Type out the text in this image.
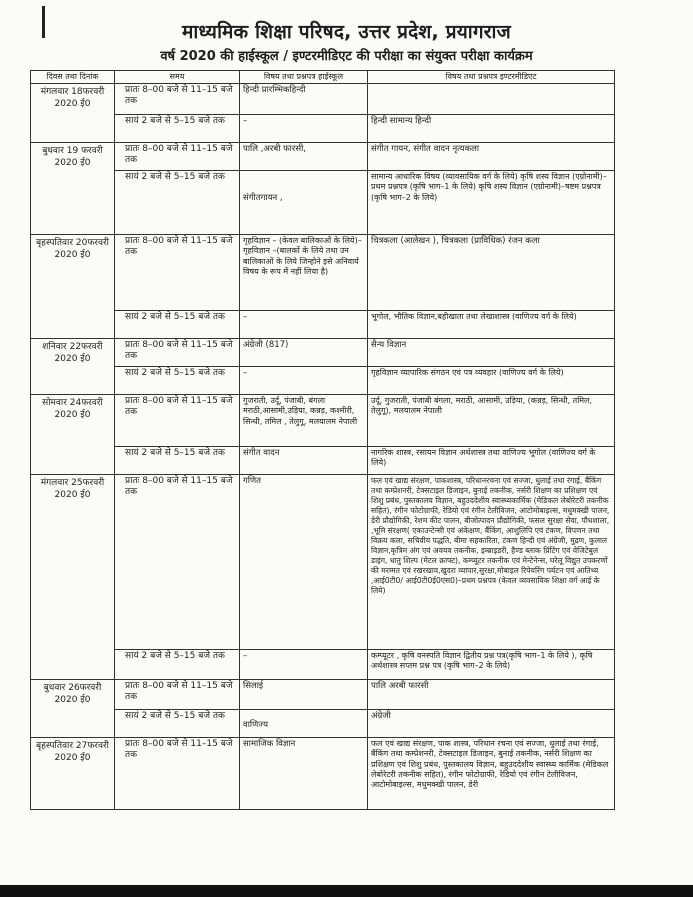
माध्यमिक शिक्षा परिषद, उत्तर प्रदेश, प्रयागराज
वर्ष 2020 की हाईस्कूल / इण्टरमीडिएट की परीक्षा का संयुक्त परीक्षा कार्यक्रम
दिवस तथा दिनांक	समय	विषय तथा प्रश्नपत्र हाईस्कूल	विषय तथा प्रश्नपत्र इण्टरमीडिएट
मंगलवार 18फरवरी 2020 ई0	प्रातः 8–00 बजे से 11–15 बजे तक	हिन्दी प्रारम्भिकहिन्दी	
	सायं 2 बजे से 5–15 बजे तक	–	हिन्दी सामान्य हिन्दी
बुधवार 19 फरवरी 2020 ई0	प्रातः 8–00 बजे से 11–15 बजे तक	पालि ,अरबी फारसी,	संगीत गायन, संगीत वादन नृत्यकला
	सायं 2 बजे से 5–15 बजे तक	संगीतगायन ,	सामान्य आधारिक विषय (व्यावसायिक वर्ग के लिये) कृषि शस्य विज्ञान (एग्रोनामी)–प्रथम प्रश्नपत्र (कृषि भाग–1 के लिये) कृषि शस्य विज्ञान (एग्रोनामी)–षष्टम प्रश्नपत्र (कृषि भाग–2 के लिये)
बृहस्पतिवार 20फरवरी 2020 ई0	प्रातः 8–00 बजे से 11–15 बजे तक	गृहविज्ञान – (केवल बालिकाओं के लिये)– गृहविज्ञान –(बालकों के लिये तथा उन बालिकाओं के लिये जिन्होने इसे अनिवार्य विषय के रूप में नहीं लिया है)	चित्रकला (आलेखन ), चित्रकला (प्राविधिक) रंजन कला
	सायं 2 बजे से 5–15 बजे तक	–	भूगोल, भौतिक विज्ञान,बहीखाता तथा लेखाशास्त्र (वाणिज्य वर्ग के लिये)
शनिवार 22फरवरी 2020 ई0	प्रातः 8–00 बजे से 11–15 बजे तक	अंग्रेजी (817)	सैन्य विज्ञान
	सायं 2 बजे से 5–15 बजे तक	–	गृहविज्ञान व्यापारिक संगठन एवं पत्र व्यवहार (वाणिज्य वर्ग के लिये)
सोमवार 24फरवरी 2020 ई0	प्रातः 8–00 बजे से 11–15 बजे तक	गुजराती, उर्दू, पंजाबी, बंगला मराठी,आसामी,उड़िया, कन्नड़, कश्मीरी, सिन्धी, तमिल , तेलुगू, मलयालम नेपाली	उर्दू, गुजराती, पंजाबी बंगला, मराठी, आसामी, उड़िया, (कन्नड़, सिन्धी, तमिल, तेलुगू), मलयालम नेपाली
	सायं 2 बजे से 5–15 बजे तक	संगीत वादन	नागरिक शास्त्र, रसायन विज्ञान अर्थशास्त्र तथा वाणिज्य भूगोल (वाणिज्य वर्ग के लिये)
मंगलवार 25फरवरी 2020 ई0	प्रातः 8–00 बजे से 11–15 बजे तक	गणित	फल एवं खाद्य संरक्षण, पाकशास्त्र, परिधानरचना एवं सज्जा, धुलाई तथा रंगाई, बैंकिंग तथा कम्प्रेशनरी, टेक्सटाइल डिजाइन, बुनाई तकनीक, नर्सरी शिक्षण का प्रशिक्षण एवं शिशु प्रबंध, पुस्तकालय विज्ञान, बहुउददेशीय स्वास्थ्यकार्मिक (मेडिकल लेबोरेटरी तकनीक सहित), रंगीन फोटोग्राफी, रेडियो एवं रंगीन टेलीविजन, आटोमोबाइल्स, मधुमक्खी पालन, डेरी प्रौद्योगिकी, रेशम कीट पालन, बीजोत्पादन प्रौद्योगिकी, फसल सुरक्षा सेवा, पौधशाला, ,भूमि संरक्षण( एकाउन्टेन्सी एवं अंकेक्षण, बैंकिंग, आशुलिपि एवं टंकण, विपणन तथा विक्रय कला, सचिवीय पद्धति, बीमा सहकारिता, टंकण हिन्दी एवं अंग्रेजी, मुद्रण, कुलाल विज्ञान,कृत्रिम अंग एवं अवयव तकनीक, इम्ब्राइडरी, हैण्ड ब्लाक प्रिंटिंग एवं वेजिटेबुल डाइंग, धातु शिल्प (मेटल क्राफ्ट), कम्प्यूटर तकनीक एवं मेन्टेनेन्स, घरेलू विद्युत उपकरणों की मरम्मत एवं रखरखाव,खुदरा व्यापार,सुरक्षा,मोबाइल रिपेयरिंग पर्यटन एवं आतिथ्य ,आई0टी0/ आई0टी0ई0एस0)–प्रथम प्रश्नपत्र (केवल व्यवसायिक शिक्षा वर्ग आई के लिये)
	सायं 2 बजे से 5–15 बजे तक	–	कम्प्यूटर , कृषि वनस्पति विज्ञान द्वितीय प्रश्न पत्र(कृषि भाग–1 के लिये ), कृषि अर्थशास्त्र सप्तम प्रश्न पत्र (कृषि भाग–2 के लिये)
बुधवार 26फरवरी 2020 ई0	प्रातः 8–00 बजे से 11–15 बजे तक	सिलाई	पालि अरबी फारसी
	सायं 2 बजे से 5–15 बजे तक	वाणिज्य	अंग्रेजी
बृहस्पतिवार 27फरवरी 2020 ई0	प्रातः 8–00 बजे से 11–15 बजे तक	सामाजिक विज्ञान	फल एवं खाद्य संरक्षण, पाक शास्त्र, परिधान रचना एवं सज्जा, धुलाई तथा रंगाई, बैंकिंग तथा कम्प्रेशनरी, टेक्सटाइल डिजाइन, बुनाई तकनीक, नर्सरी शिक्षण का प्रशिक्षण एवं शिशु प्रबंध, पुस्तकालय विज्ञान, बहुउददेशीय स्वास्थ्य कार्मिक (मेडिकल लेबोरेटरी तकनीक सहित), रंगीन फोटोग्राफी, रेडियो एवं रंगीन टेलीविजन, आटोमोबाइल्स, मधुमक्खी पालन, डेरी
